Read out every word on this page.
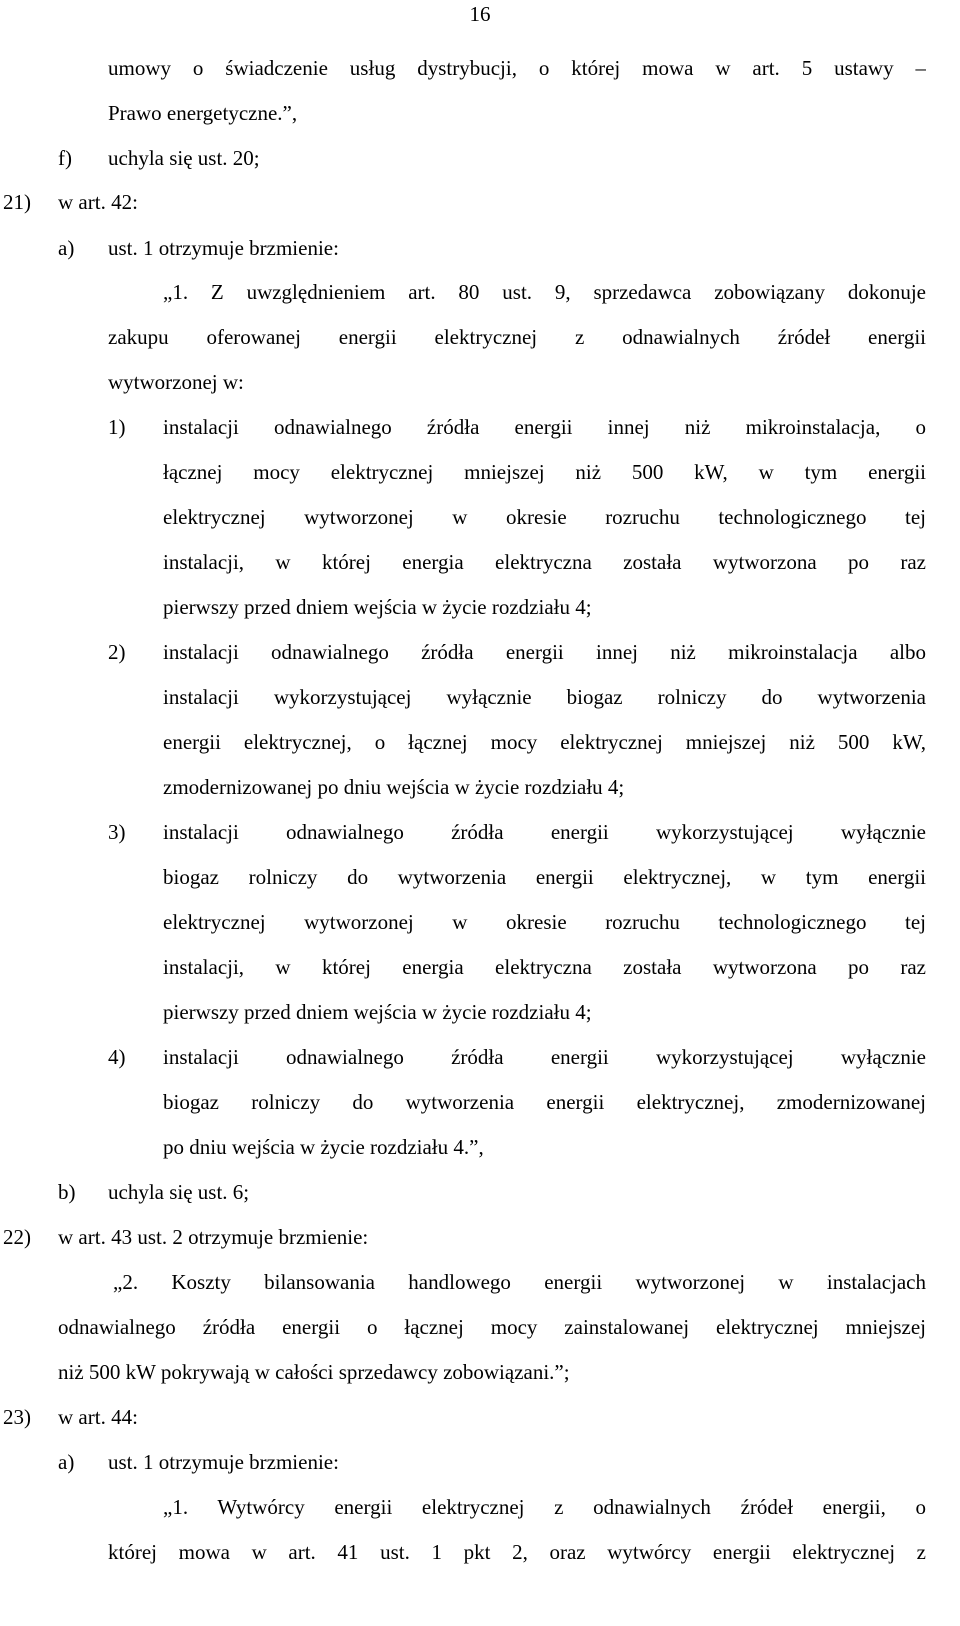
16
umowy o świadczenie usług dystrybucji, o której mowa w art. 5 ustawy –
Prawo energetyczne.”,
f) uchyla się ust. 20;
21) w art. 42:
a) ust. 1 otrzymuje brzmienie:
„1. Z uwzględnieniem art. 80 ust. 9, sprzedawca zobowiązany dokonuje
zakupu oferowanej energii elektrycznej z odnawialnych źródeł energii
wytworzonej w:
1) instalacji odnawialnego źródła energii innej niż mikroinstalacja, o
łącznej mocy elektrycznej mniejszej niż 500 kW, w tym energii
elektrycznej wytworzonej w okresie rozruchu technologicznego tej
instalacji, w której energia elektryczna została wytworzona po raz
pierwszy przed dniem wejścia w życie rozdziału 4;
2) instalacji odnawialnego źródła energii innej niż mikroinstalacja albo
instalacji wykorzystującej wyłącznie biogaz rolniczy do wytworzenia
energii elektrycznej, o łącznej mocy elektrycznej mniejszej niż 500 kW,
zmodernizowanej po dniu wejścia w życie rozdziału 4;
3) instalacji odnawialnego źródła energii wykorzystującej wyłącznie
biogaz rolniczy do wytworzenia energii elektrycznej, w tym energii
elektrycznej wytworzonej w okresie rozruchu technologicznego tej
instalacji, w której energia elektryczna została wytworzona po raz
pierwszy przed dniem wejścia w życie rozdziału 4;
4) instalacji odnawialnego źródła energii wykorzystującej wyłącznie
biogaz rolniczy do wytworzenia energii elektrycznej, zmodernizowanej
po dniu wejścia w życie rozdziału 4.”,
b) uchyla się ust. 6;
22) w art. 43 ust. 2 otrzymuje brzmienie:
„2. Koszty bilansowania handlowego energii wytworzonej w instalacjach
odnawialnego źródła energii o łącznej mocy zainstalowanej elektrycznej mniejszej
niż 500 kW pokrywają w całości sprzedawcy zobowiązani.”;
23) w art. 44:
a) ust. 1 otrzymuje brzmienie:
„1. Wytwórcy energii elektrycznej z odnawialnych źródeł energii, o
której mowa w art. 41 ust. 1 pkt 2, oraz wytwórcy energii elektrycznej z
